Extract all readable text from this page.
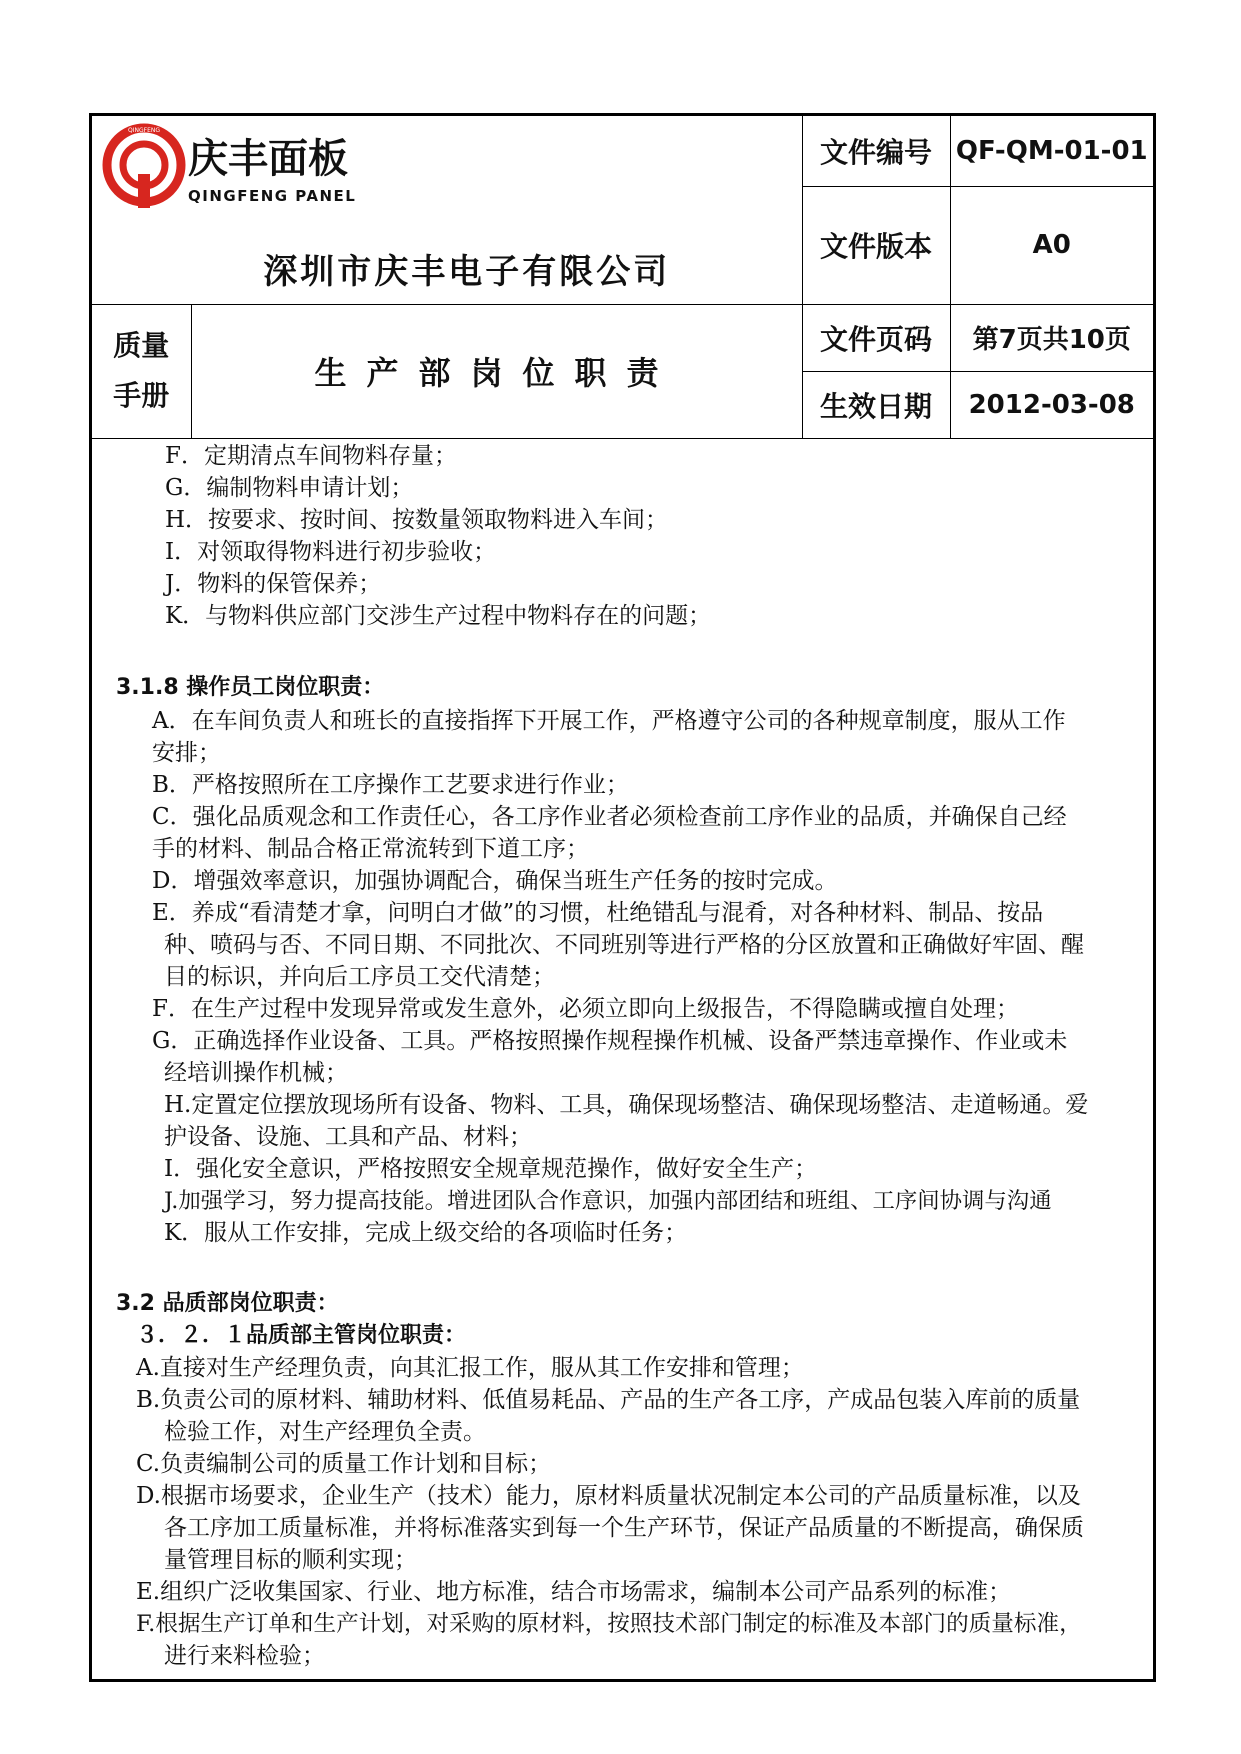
QINGFENG
庆丰面板
QINGFENG PANEL
深圳市庆丰电子有限公司		文件编号	QF-QM-01-01
		文件版本	A0

质量
手册	生产部岗位职责	文件页码	第7页共10页
		生效日期	2012-03-08
F．定期清点车间物料存量；
G．编制物料申请计划；
H．按要求、按时间、按数量领取物料进入车间；
I．对领取得物料进行初步验收；
J．物料的保管保养；
K．与物料供应部门交涉生产过程中物料存在的问题；
3.1.8 操作员工岗位职责：
A．在车间负责人和班长的直接指挥下开展工作，严格遵守公司的各种规章制度，服从工作
安排；
B．严格按照所在工序操作工艺要求进行作业；
C．强化品质观念和工作责任心，各工序作业者必须检查前工序作业的品质，并确保自己经
手的材料、制品合格正常流转到下道工序；
D．增强效率意识，加强协调配合，确保当班生产任务的按时完成。
E．养成“看清楚才拿，问明白才做”的习惯，杜绝错乱与混肴，对各种材料、制品、按品
种、喷码与否、不同日期、不同批次、不同班别等进行严格的分区放置和正确做好牢固、醒
目的标识，并向后工序员工交代清楚；
F．在生产过程中发现异常或发生意外，必须立即向上级报告，不得隐瞒或擅自处理；
G．正确选择作业设备、工具。严格按照操作规程操作机械、设备严禁违章操作、作业或未
经培训操作机械；
H.定置定位摆放现场所有设备、物料、工具，确保现场整洁、确保现场整洁、走道畅通。爱
护设备、设施、工具和产品、材料；
I．强化安全意识，严格按照安全规章规范操作，做好安全生产；
J.加强学习，努力提高技能。增进团队合作意识，加强内部团结和班组、工序间协调与沟通
K．服从工作安排，完成上级交给的各项临时任务；
3.2 品质部岗位职责：
３．２．１品质部主管岗位职责：
A.直接对生产经理负责，向其汇报工作，服从其工作安排和管理；
B.负责公司的原材料、辅助材料、低值易耗品、产品的生产各工序，产成品包装入库前的质量
检验工作，对生产经理负全责。
C.负责编制公司的质量工作计划和目标；
D.根据市场要求，企业生产（技术）能力，原材料质量状况制定本公司的产品质量标准，以及
各工序加工质量标准，并将标准落实到每一个生产环节，保证产品质量的不断提高，确保质
量管理目标的顺利实现；
E.组织广泛收集国家、行业、地方标准，结合市场需求，编制本公司产品系列的标准；
F.根据生产订单和生产计划，对采购的原材料，按照技术部门制定的标准及本部门的质量标准，
进行来料检验；
